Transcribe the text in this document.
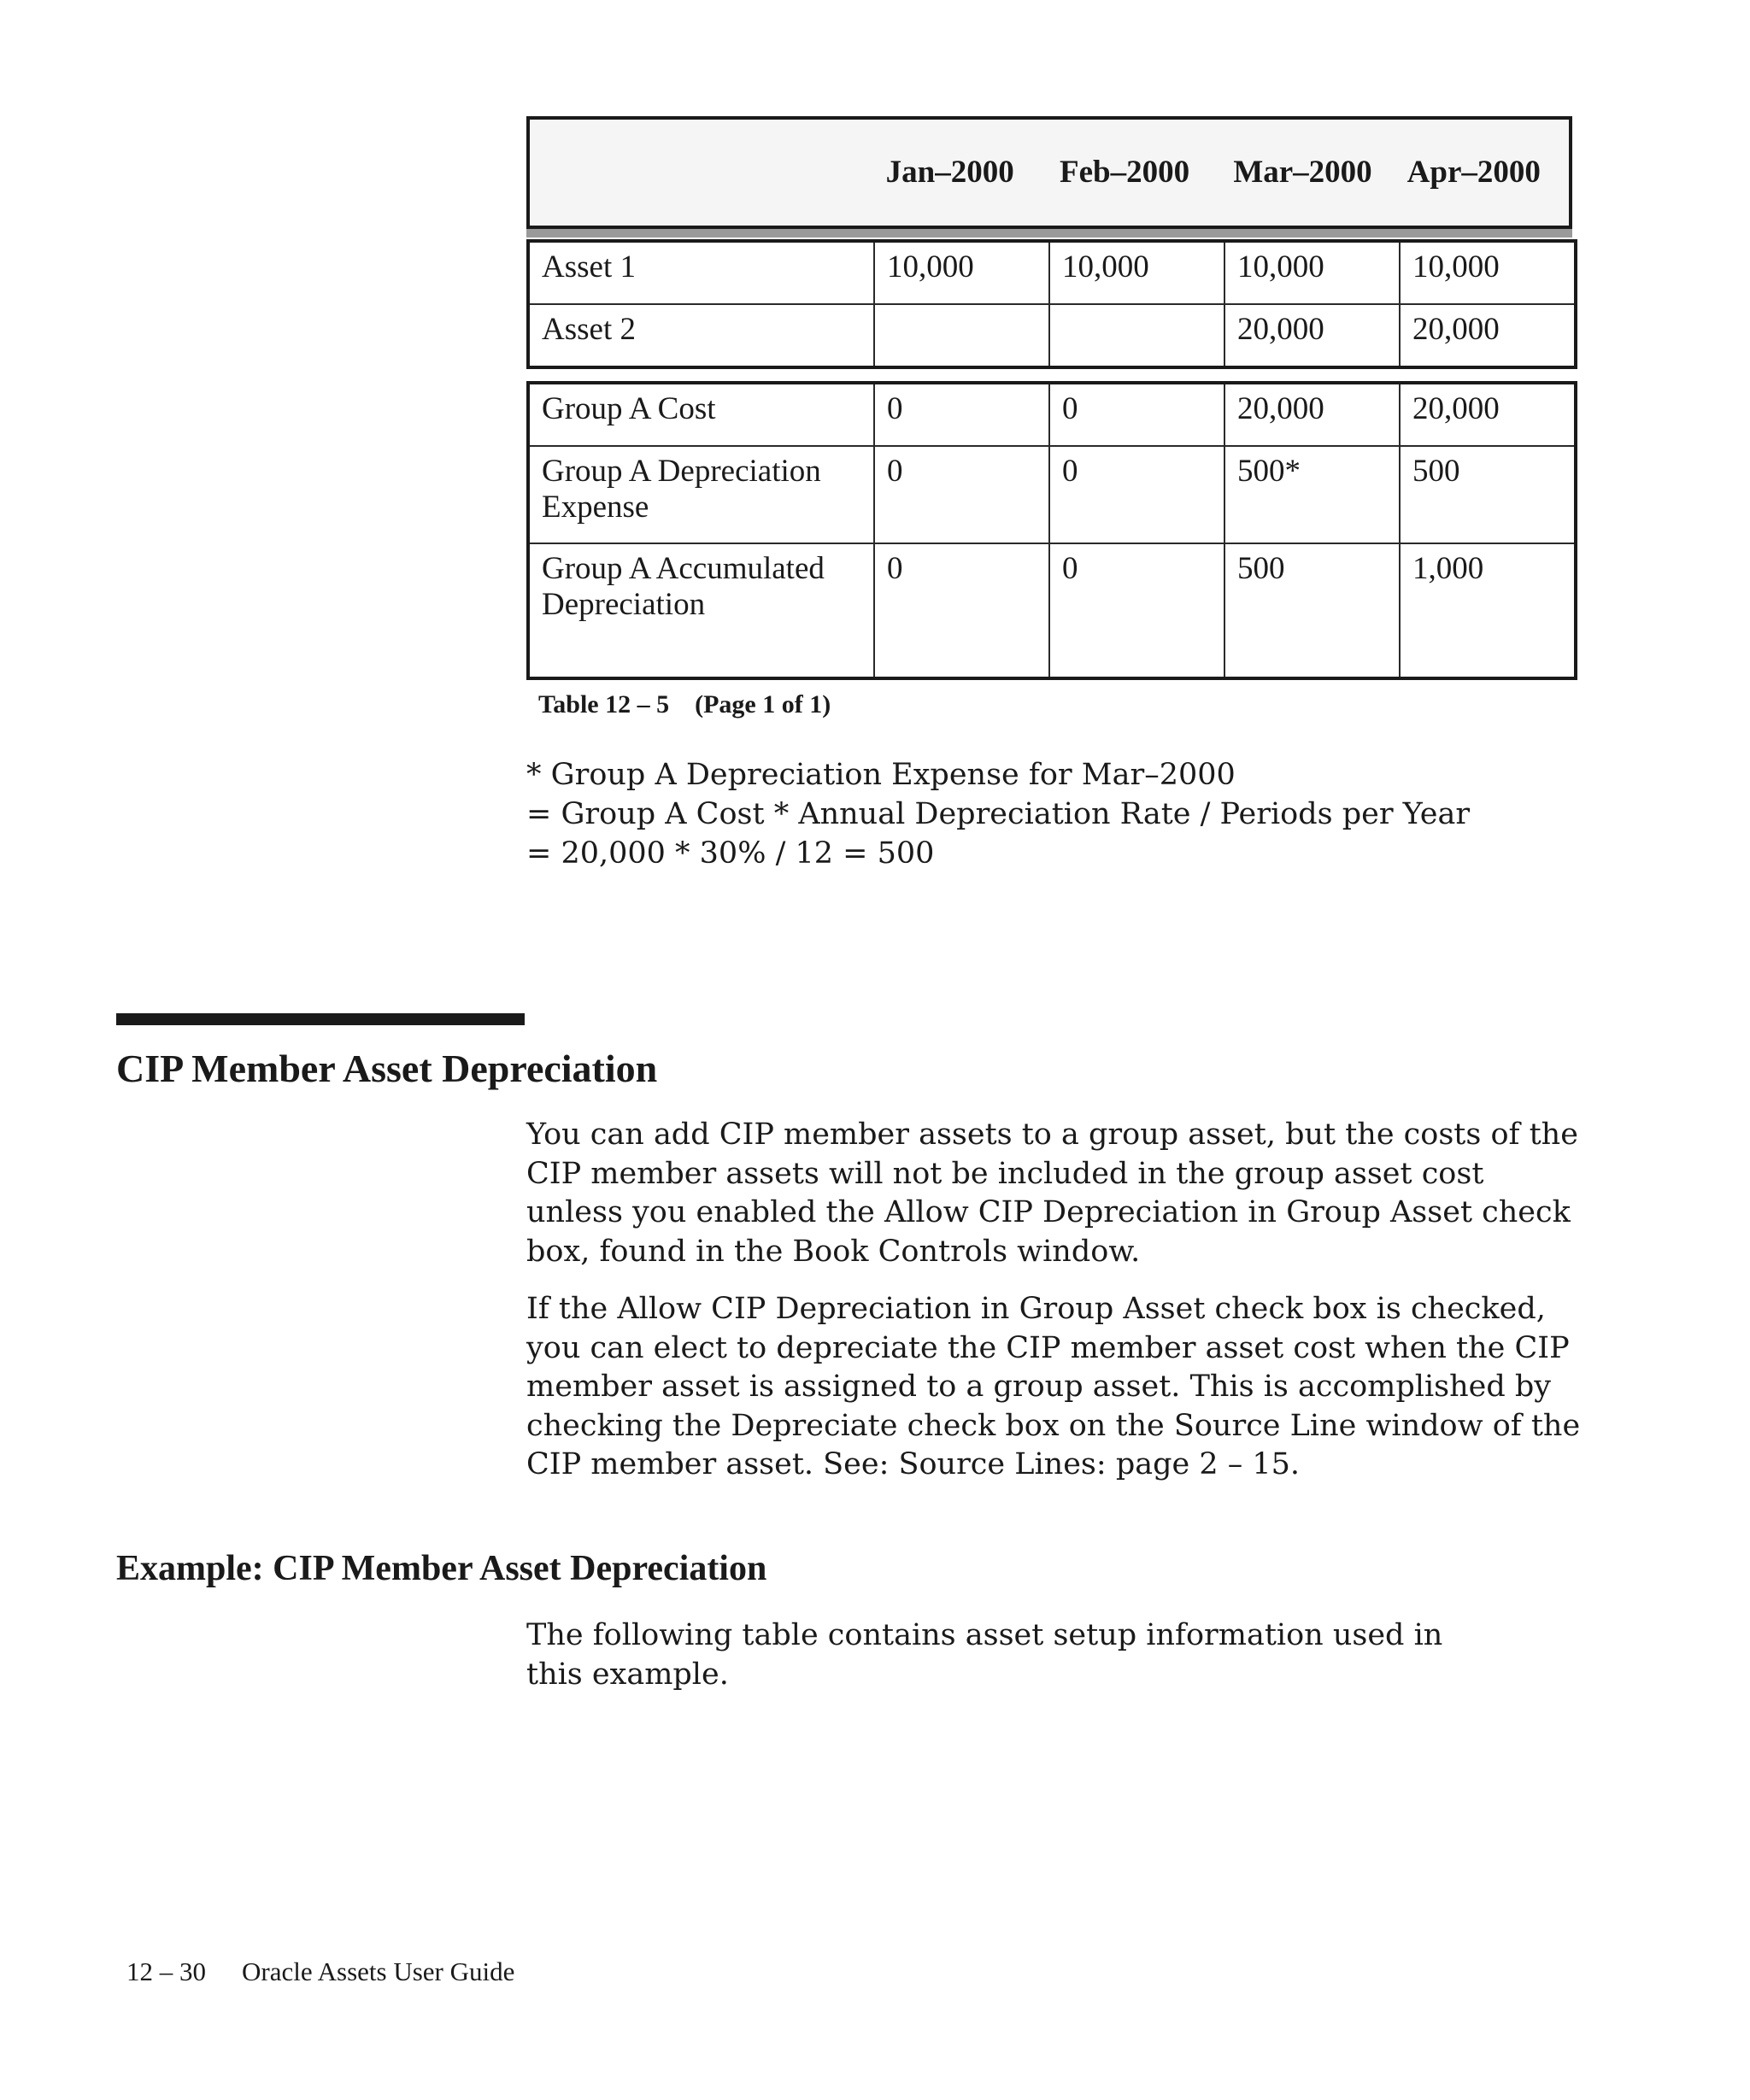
	Jan–2000	Feb–2000	Mar–2000	Apr–2000
Asset 1	10,000	10,000	10,000	10,000
Asset 2			20,000	20,000
Group A Cost	0	0	20,000	20,000
Group A Depreciation Expense	0	0	500*	500
Group A Accumulated Depreciation	0	0	500	1,000
Table 12 – 5 (Page 1 of 1)
* Group A Depreciation Expense for Mar–2000
= Group A Cost * Annual Depreciation Rate / Periods per Year
= 20,000 * 30% / 12 = 500
CIP Member Asset Depreciation

You can add CIP member assets to a group asset, but the costs of the CIP member assets will not be included in the group asset cost unless you enabled the Allow CIP Depreciation in Group Asset check box, found in the Book Controls window.

If the Allow CIP Depreciation in Group Asset check box is checked, you can elect to depreciate the CIP member asset cost when the CIP member asset is assigned to a group asset. This is accomplished by checking the Depreciate check box on the Source Line window of the CIP member asset. See: Source Lines: page 2 – 15.

Example: CIP Member Asset Depreciation

The following table contains asset setup information used in this example.

12 – 30 Oracle Assets User Guide
